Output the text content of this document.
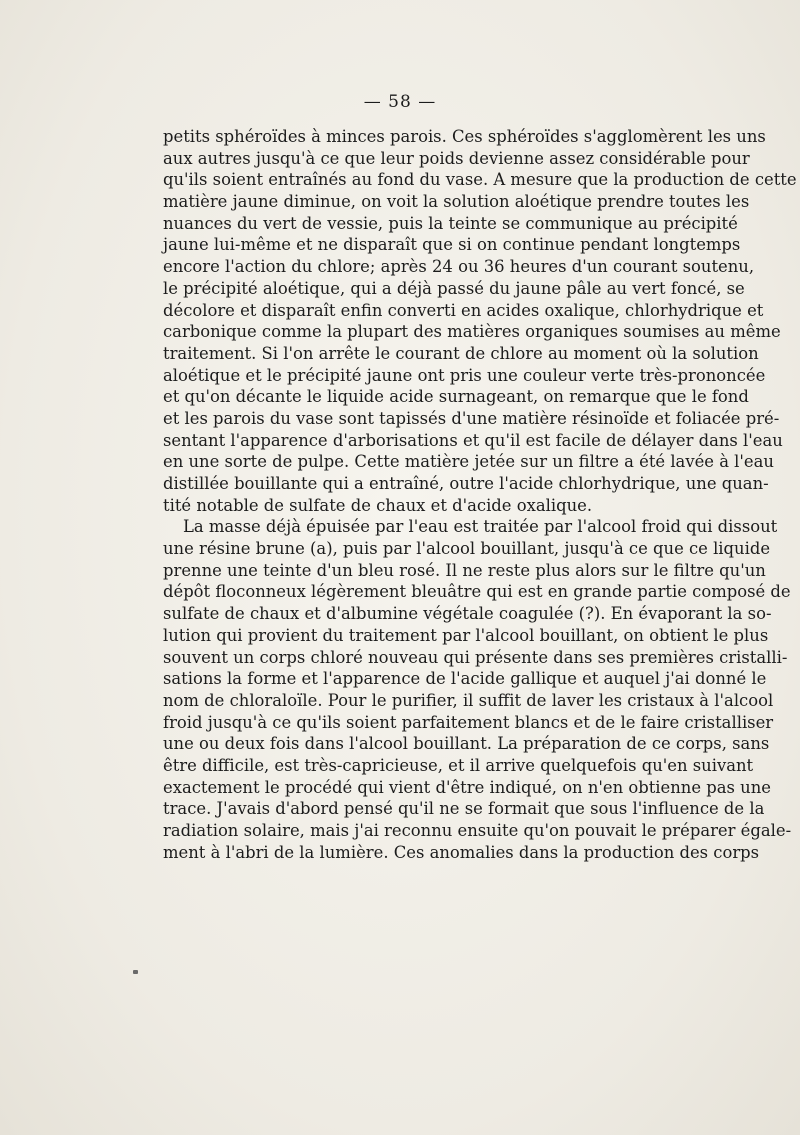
— 58 —
petits sphéroïdes à minces parois. Ces sphéroïdes s'agglomèrent les uns
aux autres jusqu'à ce que leur poids devienne assez considérable pour
qu'ils soient entraînés au fond du vase. A mesure que la production de cette
matière jaune diminue, on voit la solution aloétique prendre toutes les
nuances du vert de vessie, puis la teinte se communique au précipité
jaune lui-même et ne disparaît que si on continue pendant longtemps
encore l'action du chlore; après 24 ou 36 heures d'un courant soutenu,
le précipité aloétique, qui a déjà passé du jaune pâle au vert foncé, se
décolore et disparaît enfin converti en acides oxalique, chlorhydrique et
carbonique comme la plupart des matières organiques soumises au même
traitement. Si l'on arrête le courant de chlore au moment où la solution
aloétique et le précipité jaune ont pris une couleur verte très-prononcée
et qu'on décante le liquide acide surnageant, on remarque que le fond
et les parois du vase sont tapissés d'une matière résinoïde et foliacée pré-
sentant l'apparence d'arborisations et qu'il est facile de délayer dans l'eau
en une sorte de pulpe. Cette matière jetée sur un filtre a été lavée à l'eau
distillée bouillante qui a entraîné, outre l'acide chlorhydrique, une quan-
tité notable de sulfate de chaux et d'acide oxalique.
La masse déjà épuisée par l'eau est traitée par l'alcool froid qui dissout
une résine brune (a), puis par l'alcool bouillant, jusqu'à ce que ce liquide
prenne une teinte d'un bleu rosé. Il ne reste plus alors sur le filtre qu'un
dépôt floconneux légèrement bleuâtre qui est en grande partie composé de
sulfate de chaux et d'albumine végétale coagulée (?). En évaporant la so-
lution qui provient du traitement par l'alcool bouillant, on obtient le plus
souvent un corps chloré nouveau qui présente dans ses premières cristalli-
sations la forme et l'apparence de l'acide gallique et auquel j'ai donné le
nom de chloraloïle. Pour le purifier, il suffit de laver les cristaux à l'alcool
froid jusqu'à ce qu'ils soient parfaitement blancs et de le faire cristalliser
une ou deux fois dans l'alcool bouillant. La préparation de ce corps, sans
être difficile, est très-capricieuse, et il arrive quelquefois qu'en suivant
exactement le procédé qui vient d'être indiqué, on n'en obtienne pas une
trace. J'avais d'abord pensé qu'il ne se formait que sous l'influence de la
radiation solaire, mais j'ai reconnu ensuite qu'on pouvait le préparer égale-
ment à l'abri de la lumière. Ces anomalies dans la production des corps
